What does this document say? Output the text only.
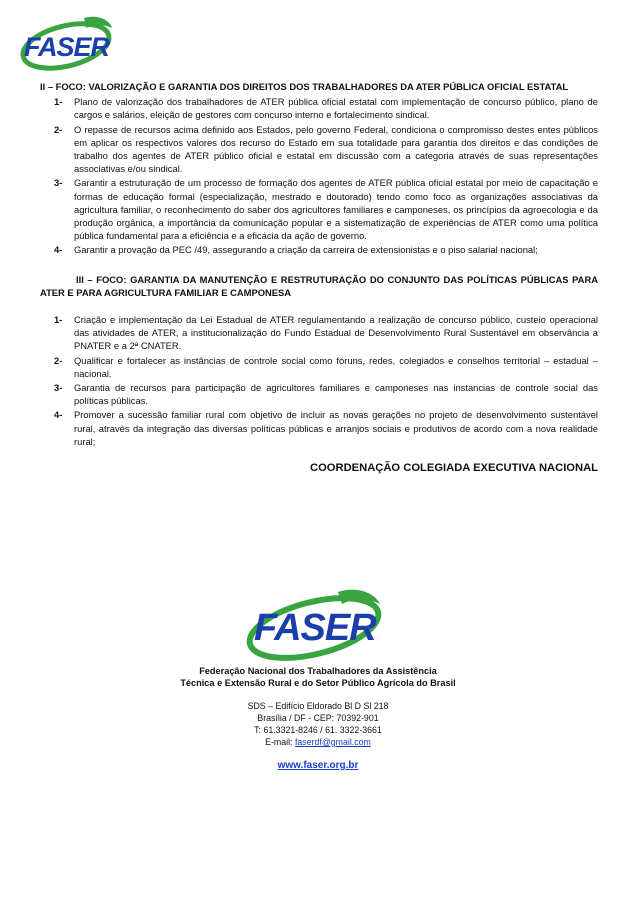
FASER
II – FOCO: VALORIZAÇÃO E GARANTIA DOS DIREITOS DOS TRABALHADORES DA ATER PÚBLICA OFICIAL ESTATAL
1- Plano de valorização dos trabalhadores de ATER pública oficial estatal com implementação de concurso público, plano de cargos e salários, eleição de gestores com concurso interno e fortalecimento sindical.
2- O repasse de recursos acima definido aos Estados, pelo governo Federal, condiciona o compromisso destes entes públicos em aplicar os respectivos valores dos recurso do Estado em sua totalidade para garantia dos direitos e das condições de trabalho dos agentes de ATER público oficial e estatal em discussão com a categoria através de suas representações associativas e/ou sindical.
3- Garantir a estruturação de um processo de formação dos agentes de ATER pública oficial estatal por meio de capacitação e formas de educação formal (especialização, mestrado e doutorado) tendo como foco as organizações associativas da agricultura familiar, o reconhecimento do saber dos agricultores familiares e camponeses, os princípios da agroecologia e da produção orgânica, a importância da comunicação popular e a sistematização de experiências de ATER como uma política pública fundamental para a eficiência e a eficácia da ação de governo.
4- Garantir a provação da PEC /49, assegurando a criação da carreira de extensionistas e o piso salarial nacional;
III – FOCO: GARANTIA DA MANUTENÇÃO E RESTRUTURAÇÃO DO CONJUNTO DAS POLÍTICAS PÚBLICAS PARA ATER E PARA AGRICULTURA FAMILIAR E CAMPONESA
1- Criação e implementação da Lei Estadual de ATER regulamentando a realização de concurso público, custeio operacional das atividades de ATER, a institucionalização do Fundo Estadual de Desenvolvimento Rural Sustentável em observância a PNATER e a 2ª CNATER.
2- Qualificar e fortalecer as instâncias de controle social como fóruns, redes, colegiados e conselhos territorial – estadual – nacional.
3- Garantia de recursos para participação de agricultores familiares e camponeses nas instancias de controle social das políticas públicas.
4- Promover a sucessão familiar rural com objetivo de incluir as novas gerações no projeto de desenvolvimento sustentável rural, através da integração das diversas políticas públicas e arranjos sociais e produtivos de acordo com a nova realidade rural;
COORDENAÇÃO COLEGIADA EXECUTIVA NACIONAL
FASER
Federação Nacional dos Trabalhadores da Assistência
Técnica e Extensão Rural e do Setor Público Agrícola do Brasil
SDS – Edifício Eldorado Bl D Sl 218
Brasília / DF - CEP: 70392-901
T: 61.3321-8246 / 61. 3322-3661
E-mail: faserdf@gmail.com
www.faser.org.br
